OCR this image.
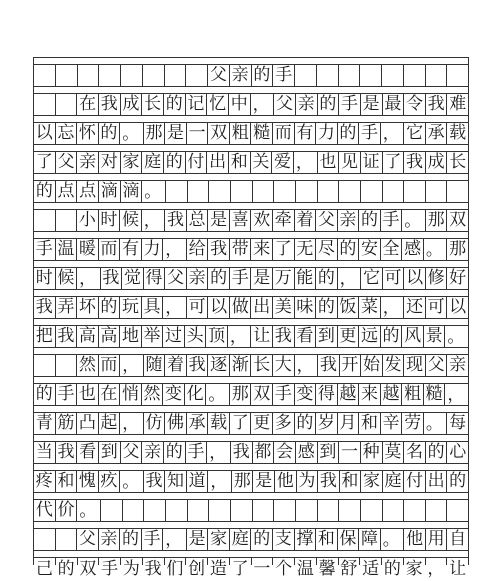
父 亲 的 手

在 我 成 长 的 记 忆 中 ， 父 亲 的 手 是 最 令 我 难
以 忘 怀 的 。 那 是 一 双 粗 糙 而 有 力 的 手 ， 它 承 载
了 父 亲 对 家 庭 的 付 出 和 关 爱 ， 也 见 证 了 我 成 长
的 点 点 滴 滴 。

小 时 候 ， 我 总 是 喜 欢 牵 着 父 亲 的 手 。 那 双
手 温 暖 而 有 力 ， 给 我 带 来 了 无 尽 的 安 全 感 。 那
时 候 ， 我 觉 得 父 亲 的 手 是 万 能 的 ， 它 可 以 修 好
我 弄 坏 的 玩 具 ， 可 以 做 出 美 味 的 饭 菜 ， 还 可 以
把 我 高 高 地 举 过 头 顶 ， 让 我 看 到 更 远 的 风 景 。

然 而 ， 随 着 我 逐 渐 长 大 ， 我 开 始 发 现 父 亲
的 手 也 在 悄 然 变 化 。 那 双 手 变 得 越 来 越 粗 糙 ，
青 筋 凸 起 ， 仿 佛 承 载 了 更 多 的 岁 月 和 辛 劳 。 每
当 我 看 到 父 亲 的 手 ， 我 都 会 感 到 一 种 莫 名 的 心
疼 和 愧 疚 。 我 知 道 ， 那 是 他 为 我 和 家 庭 付 出 的
代 价 。

父 亲 的 手 ， 是 家 庭 的 支 撑 和 保 障 。 他 用 自
己 的 双 手 为 我 们 创 造 了 一 个 温 馨 舒 适 的 家 ， 让
